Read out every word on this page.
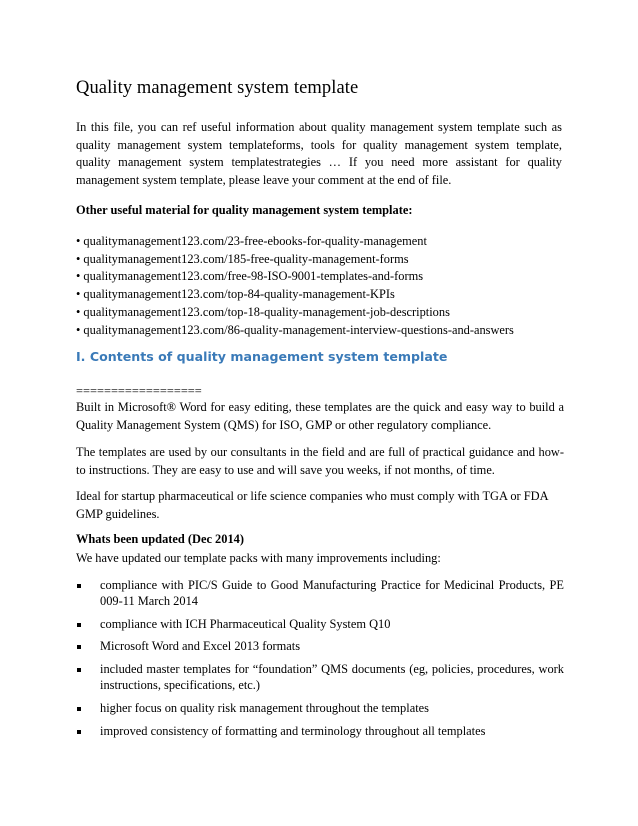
Quality management system template

In this file, you can ref useful information about quality management system template such as quality management system templateforms, tools for quality management system template, quality management system templatestrategies … If you need more assistant for quality management system template, please leave your comment at the end of file.

Other useful material for quality management system template:

• qualitymanagement123.com/23-free-ebooks-for-quality-management
• qualitymanagement123.com/185-free-quality-management-forms
• qualitymanagement123.com/free-98-ISO-9001-templates-and-forms
• qualitymanagement123.com/top-84-quality-management-KPIs
• qualitymanagement123.com/top-18-quality-management-job-descriptions
• qualitymanagement123.com/86-quality-management-interview-questions-and-answers
I. Contents of quality management system template
==================

Built in Microsoft® Word for easy editing, these templates are the quick and easy way to build a Quality Management System (QMS) for ISO, GMP or other regulatory compliance.

The templates are used by our consultants in the field and are full of practical guidance and how-to instructions. They are easy to use and will save you weeks, if not months, of time.

Ideal for startup pharmaceutical or life science companies who must comply with TGA or FDA GMP guidelines.

Whats been updated (Dec 2014)

We have updated our template packs with many improvements including:

compliance with PIC/S Guide to Good Manufacturing Practice for Medicinal Products, PE 009-11 March 2014
compliance with ICH Pharmaceutical Quality System Q10
Microsoft Word and Excel 2013 formats
included master templates for “foundation” QMS documents (eg, policies, procedures, work instructions, specifications, etc.)
higher focus on quality risk management throughout the templates
improved consistency of formatting and terminology throughout all templates
